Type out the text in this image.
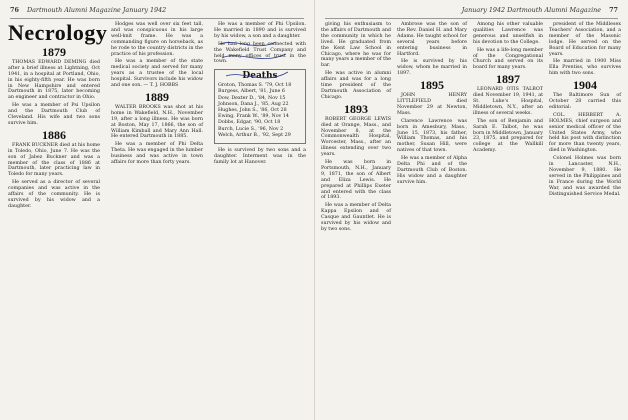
76 Dartmouth Alumni Magazine January 1942
Necrology
1879

THOMAS EDWARD DEMING died after a brief illness at Lightning, Oct 1941, in a hospital at Portland, Ohio, in his eighty-fifth year. He was born in New Hampshire and entered Dartmouth in 1875, later becoming an engineer and contractor in Ohio.

He was a member of Psi Upsilon and the Dartmouth Club of Cleveland. His wife and two sons survive him.

1886

FRANK BUCKNER died at his home in Toledo, Ohio, June 7. He was the son of Jabez Buckner and was a member of the class of 1886 at Dartmouth, later practicing law in Toledo for many years.

He served as a director of several companies and was active in the affairs of the community. He is survived by his widow and a daughter.

Hodges was well over six feet tall, and was conspicuous in his large well-knit frame. He was a commanding figure on horseback, as he rode to the country districts in the practice of his profession.

He was a member of the state medical society and served for many years as a trustee of the local hospital. Survivors include his widow and one son. — T. J. HOBBS

1889

WALTER BROOKS was shot at his home in Wakefield, N.H., November 19, after a long illness. He was born at Boston, May 17, 1866, the son of William Kimball and Mary Ann Hall. He entered Dartmouth in 1885.

He was a member of Phi Delta Theta. He was engaged in the lumber business and was active in town affairs for more than forty years.

He was a member of Phi Upsilon. He married in 1890 and is survived by his widow, a son and a daughter.

He had long been connected with the Wakefield Trust Company and held many offices of trust in the town.

Deaths
Groton, Thomas S. '79, Oct 18
Burgess, Albert, '81, June 6
Dow, Dexter D., '84, Nov 15
Johnson, Dana J., '85, Aug 22
Hughes, John S., '86, Oct 28
Ewing, Frank W., '89, Nov 14
Dobbs, Edgar, '90, Oct 18
Burch, Lucie S., '96, Nov 2
Welch, Arthur B., '92, Sept 29

He is survived by two sons and a daughter. Interment was in the family lot at Hanover.

January 1942 Dartmouth Alumni Magazine 77

giving his enthusiasm to the affairs of Dartmouth and the community in which he lived. He graduated from the Kent Law School in Chicago, where he was for many years a member of the bar.

He was active in alumni affairs and was for a long time president of the Dartmouth Association of Chicago.

1893

ROBERT GEORGE LEWIS died at Orange, Mass., and November 8, at the Commonwealth Hospital, Worcester, Mass., after an illness extending over two years.

He was born in Portsmouth, N.H., January 9, 1871, the son of Albert and Eliza Lewis. He prepared at Phillips Exeter and entered with the class of 1893.

He was a member of Delta Kappa Epsilon and of Casque and Gauntlet. He is survived by his widow and by two sons.

Ambrose was the son of the Rev. Daniel H. and Mary Adams. He taught school for several years before entering business in Hartford.

He is survived by his widow, whom he married in 1897.

1895

JOHN HENRY LITTLEFIELD died November 29 at Newton, Mass.

Clarence Lawrence was born in Amesbury, Mass., June 15, 1873, his father, William Thomas, and his mother, Susan Hill, were natives of that town.

He was a member of Alpha Delta Phi and of the Dartmouth Club of Boston. His widow and a daughter survive him.

Among his other valuable qualities Lawrence was generous and unselfish in his devotion to the College.

He was a life-long member of the Congregational Church and served on its board for many years.

1897

LEONARD OTIS TALBOT died November 19, 1941, at St. Luke's Hospital, Middletown, N.Y., after an illness of several weeks.

The son of Benjamin and Sarah E. Talbot, he was born in Middletown, January 23, 1875, and prepared for college at the Wallkill Academy.

president of the Middlesex Teachers' Association, and a member of the Masonic lodge. He served on the Board of Education for many years.

He married in 1900 Miss Ella Prentiss, who survives him with two sons.

1904

The Baltimore Sun of October 28 carried this editorial:

COL. HERBERT A. HOLMES, chief surgeon and senior medical officer of the United States Army, who held his post with distinction for more than twenty years, died in Washington.

Colonel Holmes was born in Lancaster, N.H., November 9, 1880. He served in the Philippines and in France during the World War, and was awarded the Distinguished Service Medal.
